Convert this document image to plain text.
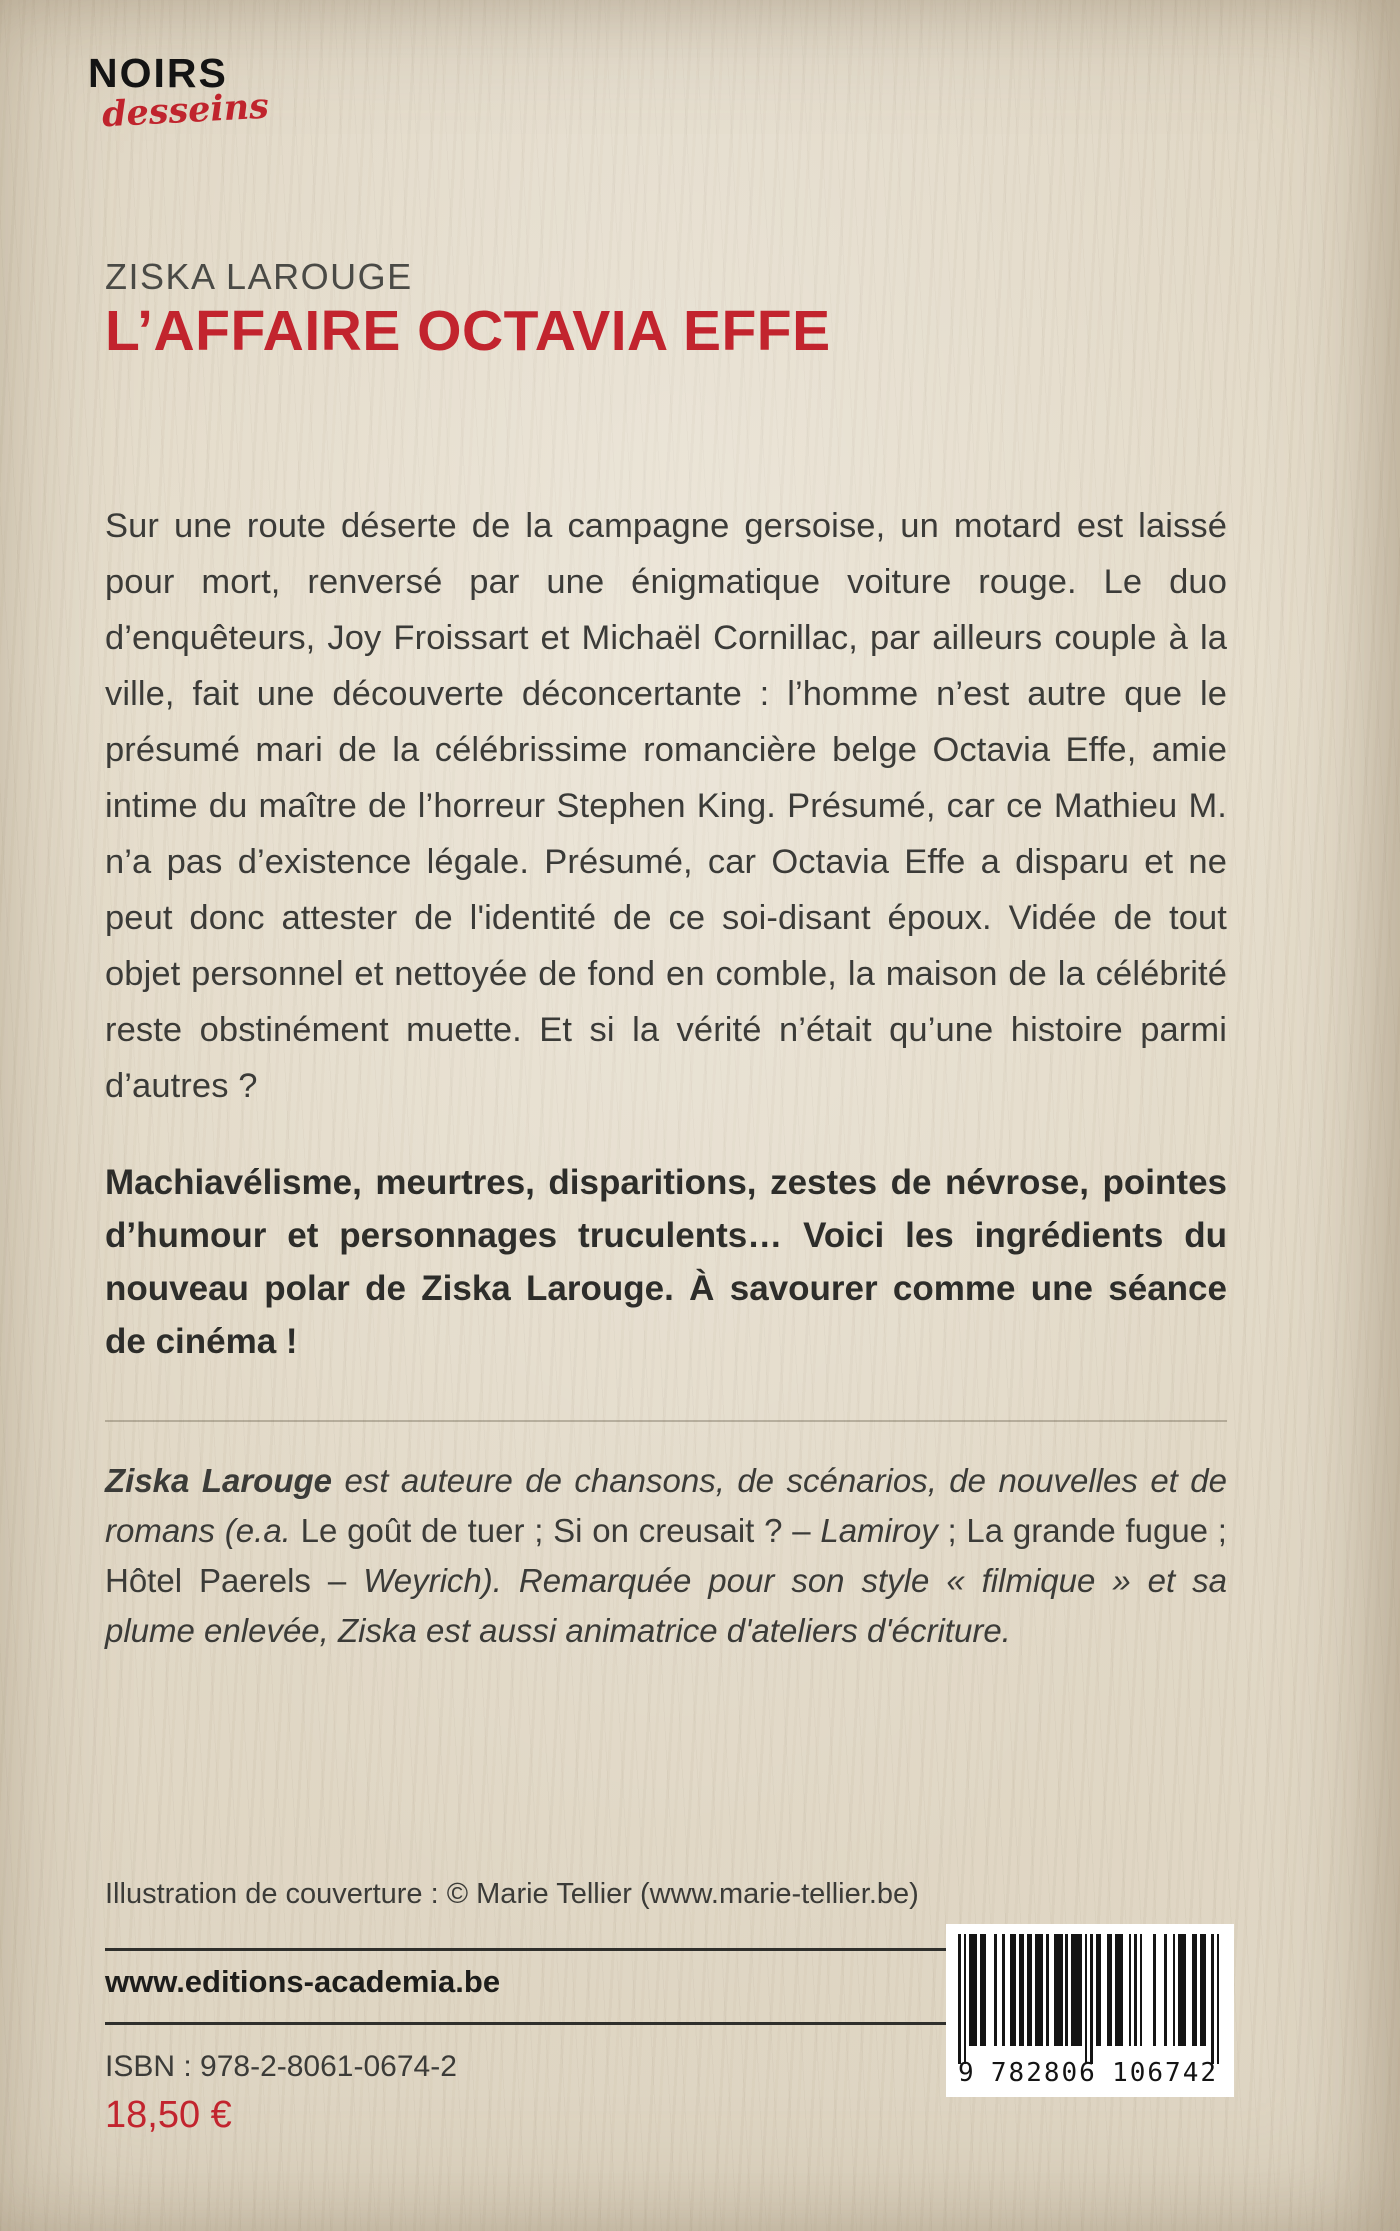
NOIRS
desseins
ZISKA LAROUGE
L’AFFAIRE OCTAVIA EFFE

Sur une route déserte de la campagne gersoise, un motard est laissé pour mort, renversé par une énigmatique voiture rouge. Le duo d’enquêteurs, Joy Froissart et Michaël Cornillac, par ailleurs couple à la ville, fait une découverte déconcertante : l’homme n’est autre que le présumé mari de la célébrissime romancière belge Octavia Effe, amie intime du maître de l’horreur Stephen King. Présumé, car ce Mathieu M. n’a pas d’existence légale. Présumé, car Octavia Effe a disparu et ne peut donc attester de l'identité de ce soi-disant époux. Vidée de tout objet personnel et nettoyée de fond en comble, la maison de la célébrité reste obstinément muette. Et si la vérité n’était qu’une histoire parmi d’autres ?

Machiavélisme, meurtres, disparitions, zestes de névrose, pointes d’humour et personnages truculents… Voici les ingrédients du nouveau polar de Ziska Larouge. À savourer comme une séance de cinéma !

Ziska Larouge est auteure de chansons, de scénarios, de nouvelles et de romans (e.a. Le goût de tuer ; Si on creusait ? – Lamiroy ; La grande fugue ; Hôtel Paerels – Weyrich). Remarquée pour son style « filmique » et sa plume enlevée, Ziska est aussi animatrice d'ateliers d'écriture.

Illustration de couverture : © Marie Tellier (www.marie-tellier.be)
www.editions-academia.be
ISBN : 978-2-8061-0674-2
18,50 €
9 782806 106742
